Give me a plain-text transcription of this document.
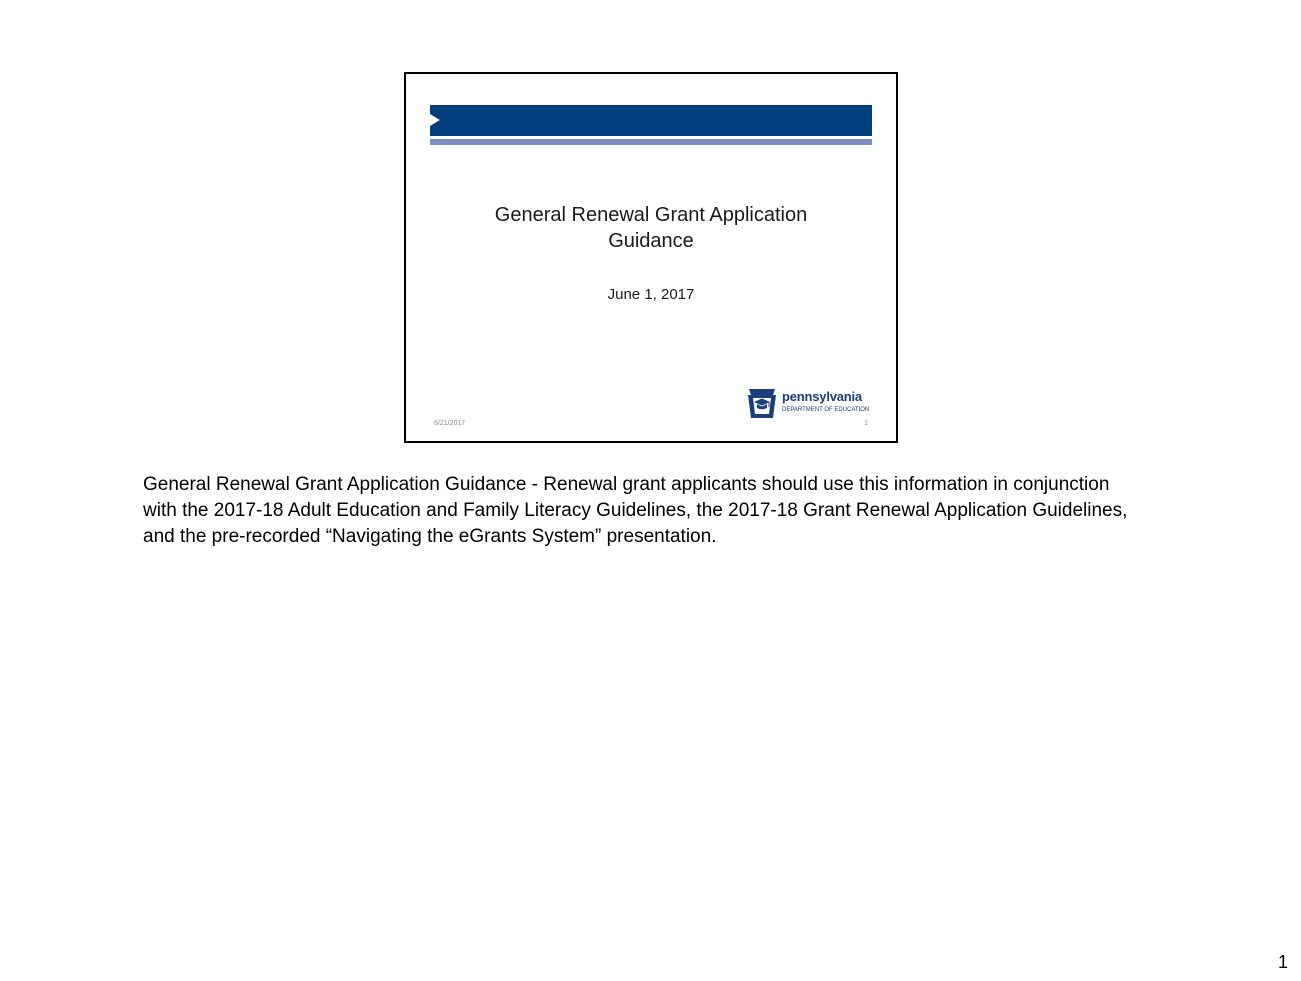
General Renewal Grant Application
Guidance
June 1, 2017
pennsylvania
DEPARTMENT OF EDUCATION
6/21/2017	1
General Renewal Grant Application Guidance - Renewal grant applicants should use this information in conjunction
with the 2017-18 Adult Education and Family Literacy Guidelines, the 2017-18 Grant Renewal Application Guidelines,
and the pre-recorded “Navigating the eGrants System” presentation.
1
